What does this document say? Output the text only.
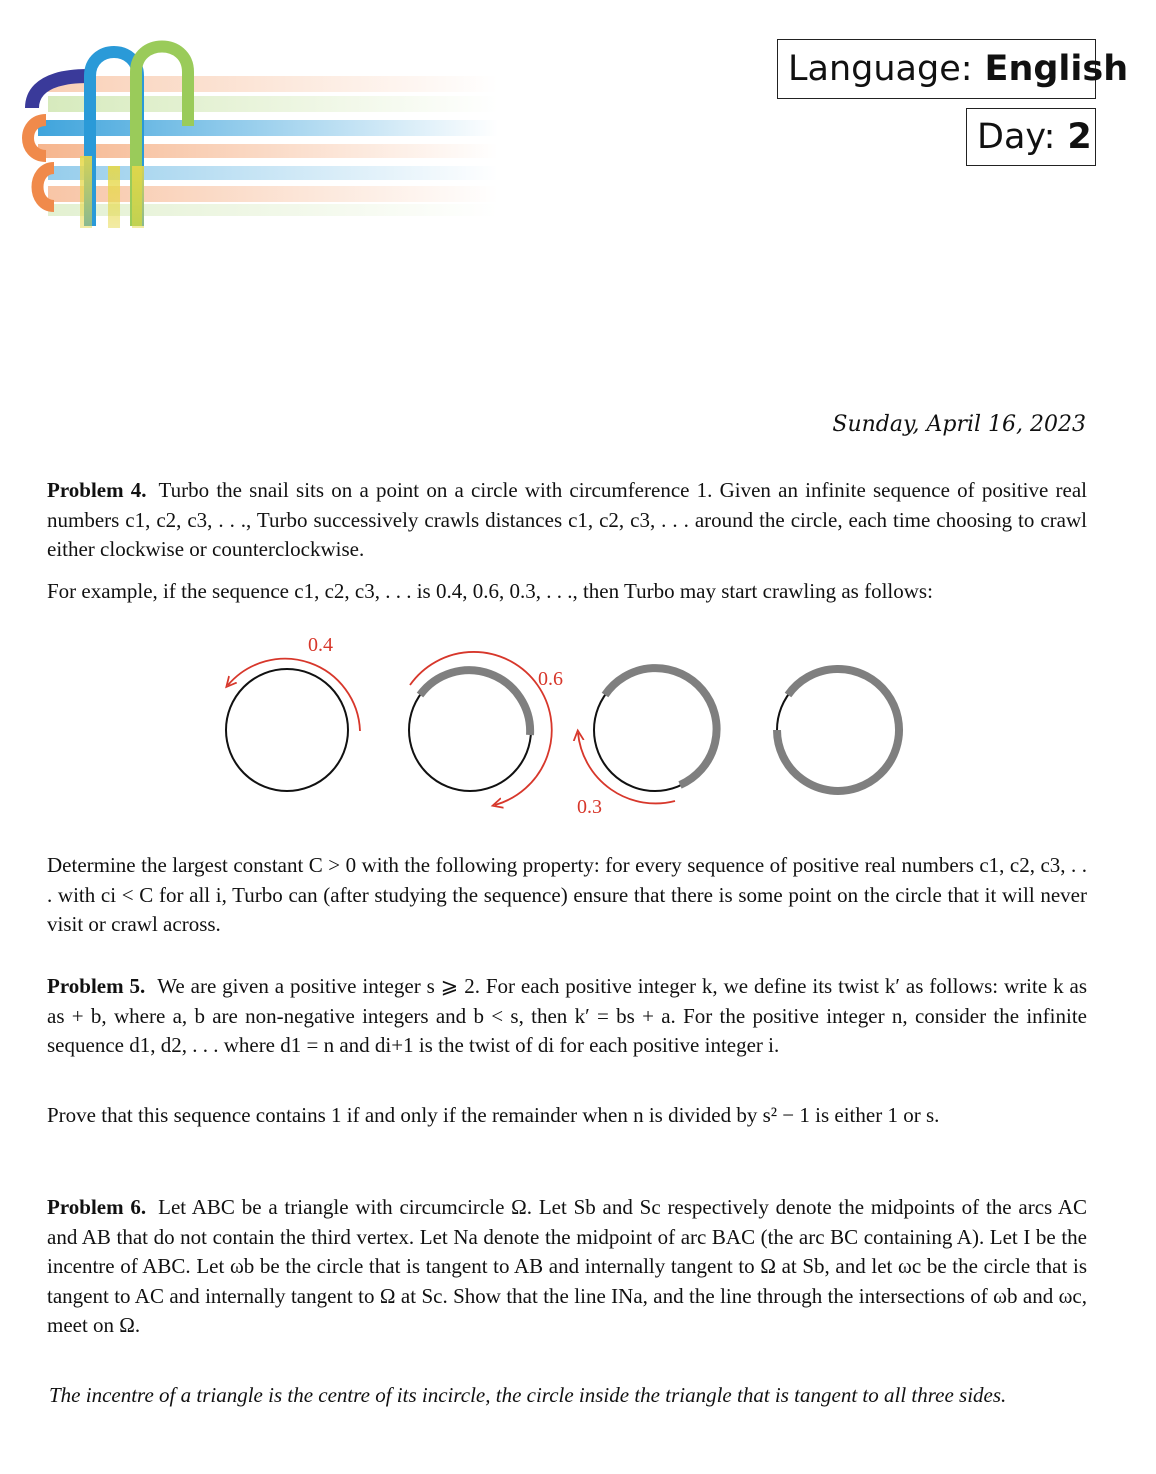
Language: English
Day: 2
Sunday, April 16, 2023
Problem 4. Turbo the snail sits on a point on a circle with circumference 1. Given an infinite sequence of positive real numbers c1, c2, c3, . . ., Turbo successively crawls distances c1, c2, c3, . . . around the circle, each time choosing to crawl either clockwise or counterclockwise.
For example, if the sequence c1, c2, c3, . . . is 0.4, 0.6, 0.3, . . ., then Turbo may start crawling as follows:
0.4
0.6
0.3
Determine the largest constant C > 0 with the following property: for every sequence of positive real numbers c1, c2, c3, . . . with ci < C for all i, Turbo can (after studying the sequence) ensure that there is some point on the circle that it will never visit or crawl across.
Problem 5. We are given a positive integer s ⩾ 2. For each positive integer k, we define its twist k′ as follows: write k as as + b, where a, b are non-negative integers and b < s, then k′ = bs + a. For the positive integer n, consider the infinite sequence d1, d2, . . . where d1 = n and di+1 is the twist of di for each positive integer i.
Prove that this sequence contains 1 if and only if the remainder when n is divided by s² − 1 is either 1 or s.
Problem 6. Let ABC be a triangle with circumcircle Ω. Let Sb and Sc respectively denote the midpoints of the arcs AC and AB that do not contain the third vertex. Let Na denote the midpoint of arc BAC (the arc BC containing A). Let I be the incentre of ABC. Let ωb be the circle that is tangent to AB and internally tangent to Ω at Sb, and let ωc be the circle that is tangent to AC and internally tangent to Ω at Sc. Show that the line INa, and the line through the intersections of ωb and ωc, meet on Ω.
The incentre of a triangle is the centre of its incircle, the circle inside the triangle that is tangent to all three sides.
